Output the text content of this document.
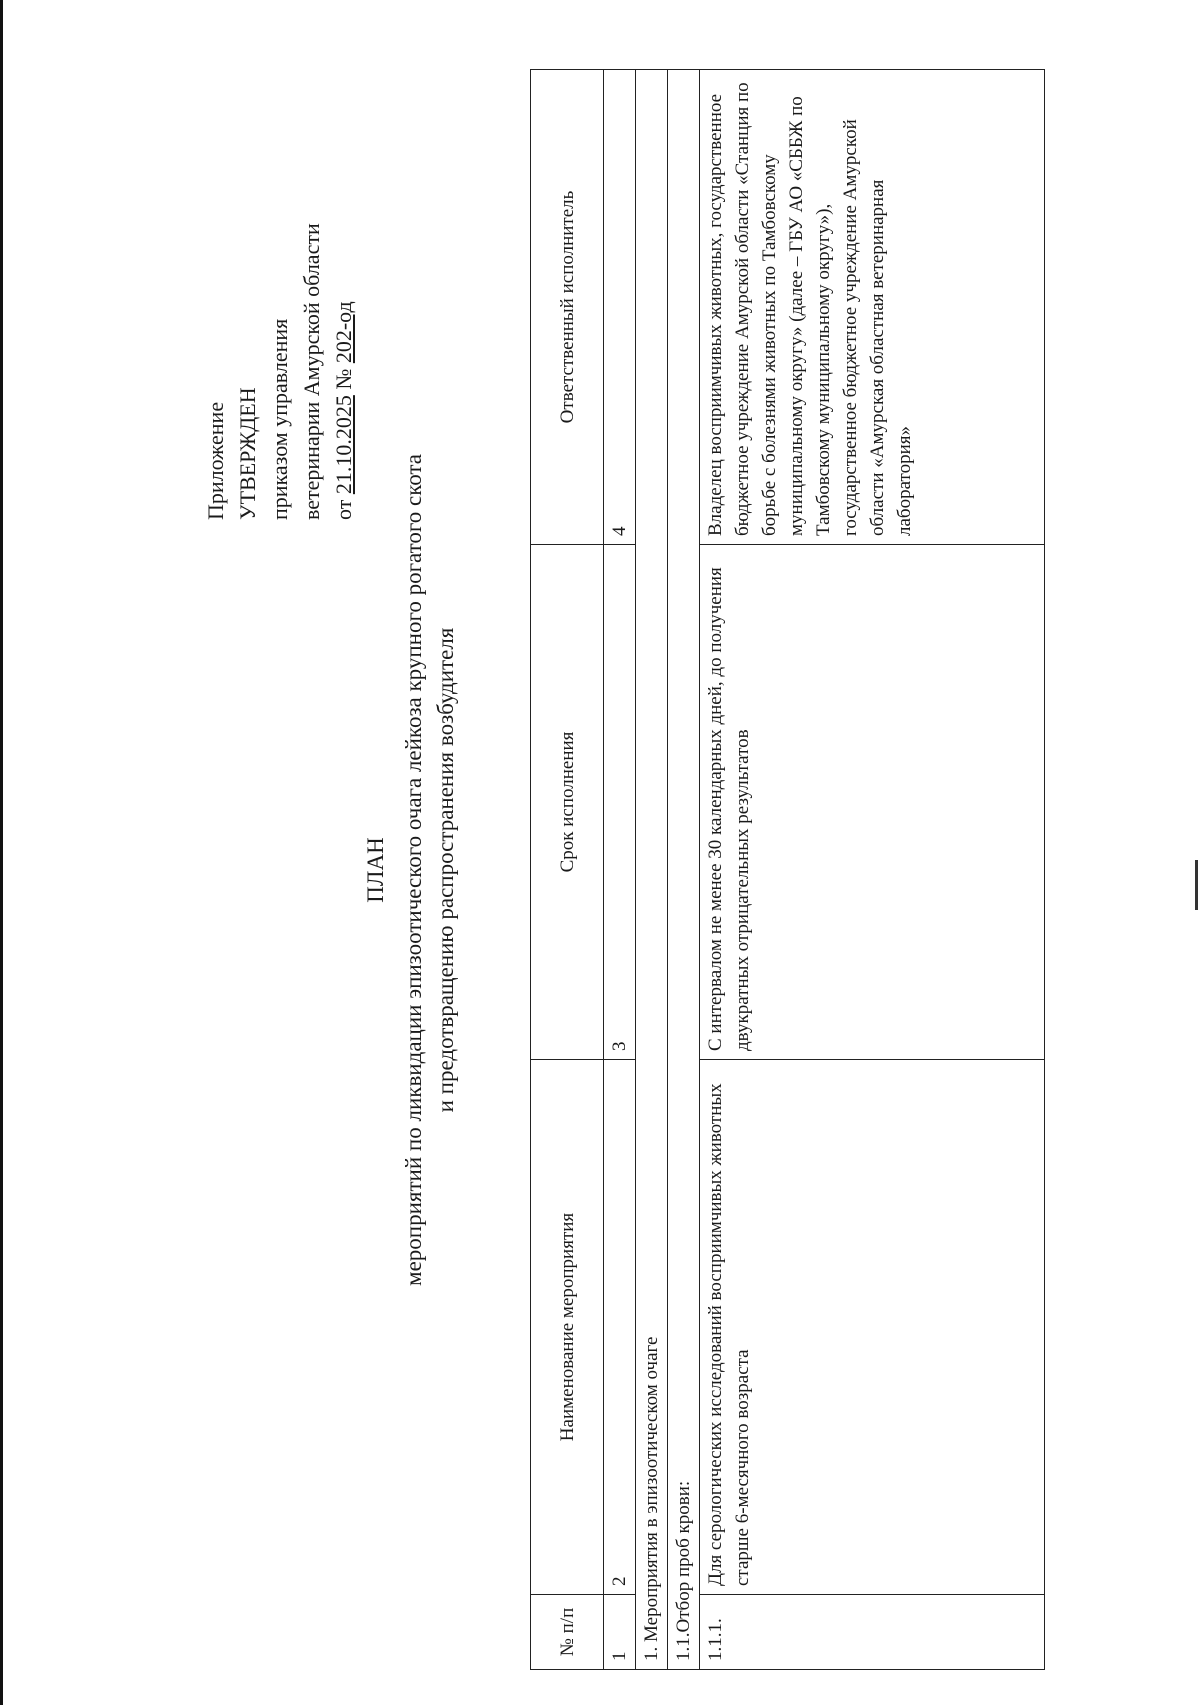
Приложение УТВЕРЖДЕН приказом управления ветеринарии Амурской области от 21.10.2025 № 202-од
ПЛАН мероприятий по ликвидации эпизоотического очага лейкоза крупного рогатого скота и предотвращению распространения возбудителя
№ п/п	Наименование мероприятия	Срок исполнения	Ответственный исполнитель
1	2	3	4
1. Мероприятия в эпизоотическом очаге			
1.1.Отбор проб крови:			
1.1.1.	Для серологических исследований восприимчивых животных старше 6-месячного возраста	С интервалом не менее 30 календарных дней, до получения двукратных отрицательных результатов	Владелец восприимчивых животных, государственное бюджетное учреждение Амурской области «Станция по борьбе с болезнями животных по Тамбовскому муниципальному округу» (далее – ГБУ АО «СББЖ по Тамбовскому муниципальному округу»), государственное бюджетное учреждение Амурской области «Амурская областная ветеринарная лаборатория»
